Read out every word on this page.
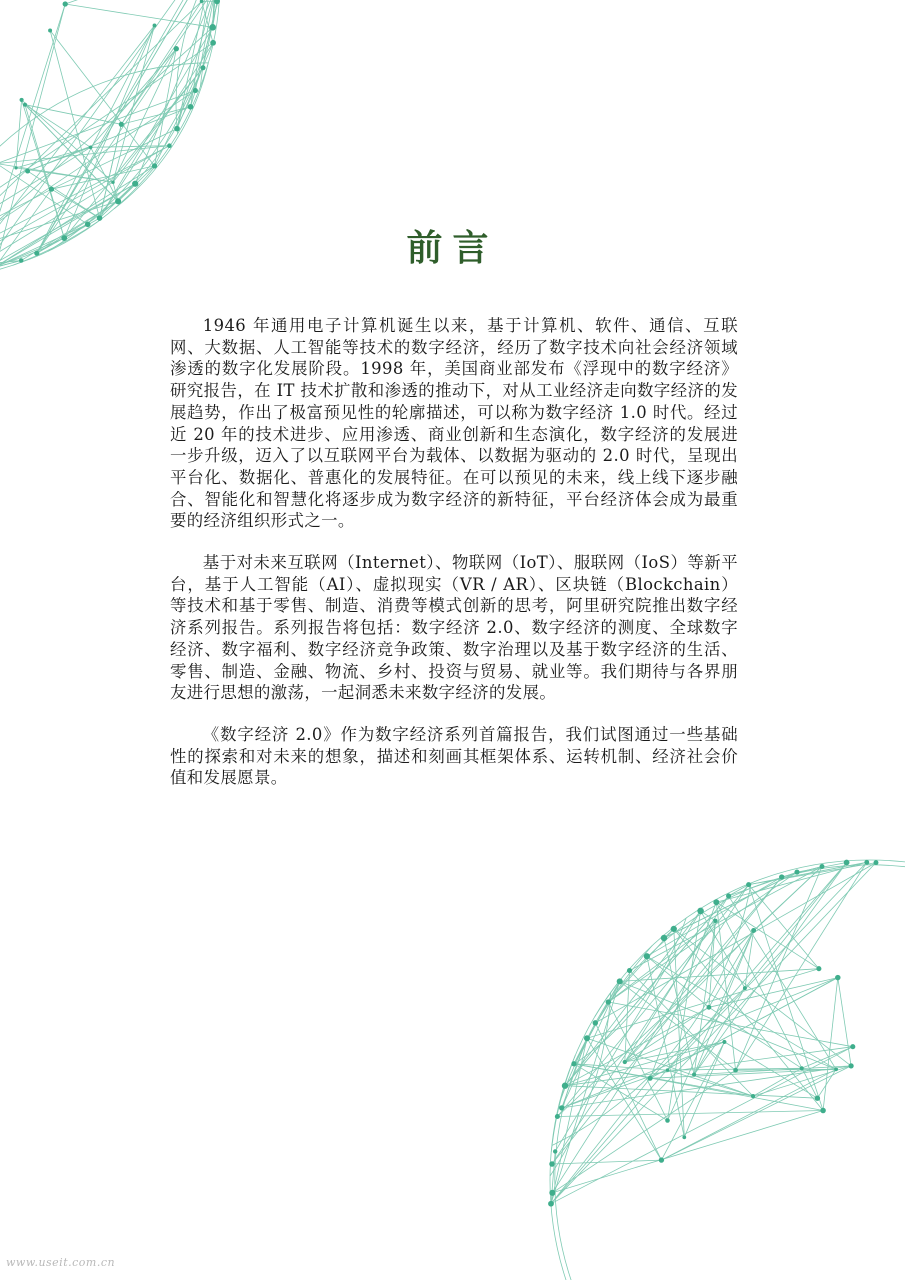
前言

1946 年通用电子计算机诞生以来，基于计算机、软件、通信、互联网、大数据、人工智能等技术的数字经济，经历了数字技术向社会经济领域渗透的数字化发展阶段。1998 年，美国商业部发布《浮现中的数字经济》研究报告，在 IT 技术扩散和渗透的推动下，对从工业经济走向数字经济的发展趋势，作出了极富预见性的轮廓描述，可以称为数字经济 1.0 时代。经过近 20 年的技术进步、应用渗透、商业创新和生态演化，数字经济的发展进一步升级，迈入了以互联网平台为载体、以数据为驱动的 2.0 时代，呈现出平台化、数据化、普惠化的发展特征。在可以预见的未来，线上线下逐步融合、智能化和智慧化将逐步成为数字经济的新特征，平台经济体会成为最重要的经济组织形式之一。

基于对未来互联网（Internet）、物联网（IoT）、服联网（IoS）等新平台，基于人工智能（AI）、虚拟现实（VR / AR）、区块链（Blockchain）等技术和基于零售、制造、消费等模式创新的思考，阿里研究院推出数字经济系列报告。系列报告将包括：数字经济 2.0、数字经济的测度、全球数字经济、数字福利、数字经济竞争政策、数字治理以及基于数字经济的生活、零售、制造、金融、物流、乡村、投资与贸易、就业等。我们期待与各界朋友进行思想的激荡，一起洞悉未来数字经济的发展。

《数字经济 2.0》作为数字经济系列首篇报告，我们试图通过一些基础性的探索和对未来的想象，描述和刻画其框架体系、运转机制、经济社会价值和发展愿景。

www.useit.com.cn
